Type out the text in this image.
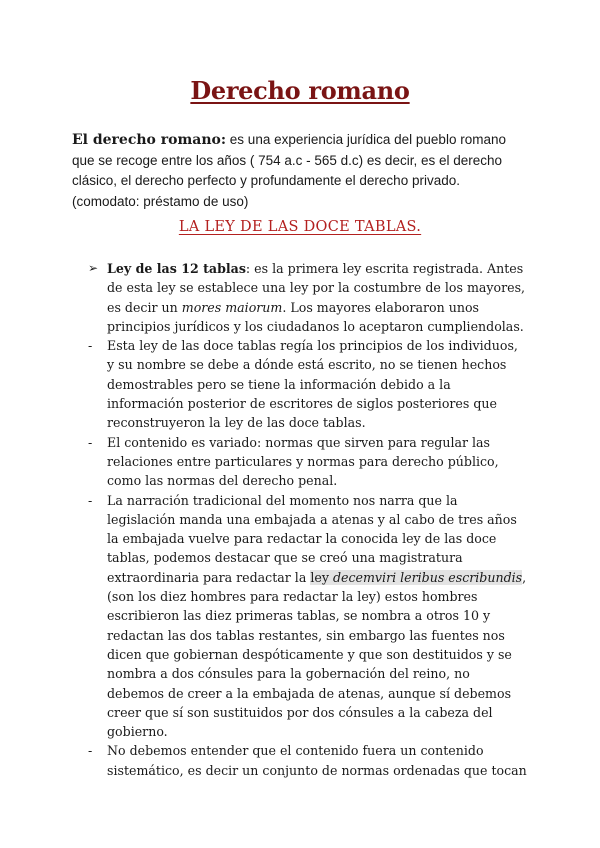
Derecho romano
El derecho romano: es una experiencia jurídica del pueblo romano que se recoge entre los años ( 754 a.c - 565 d.c) es decir, es el derecho clásico, el derecho perfecto y profundamente el derecho privado.
(comodato: préstamo de uso)
LA LEY DE LAS DOCE TABLAS.

➢ Ley de las 12 tablas: es la primera ley escrita registrada. Antes de esta ley se establece una ley por la costumbre de los mayores, es decir un mores maiorum. Los mayores elaboraron unos principios jurídicos y los ciudadanos lo aceptaron cumpliendolas.

- Esta ley de las doce tablas regía los principios de los individuos, y su nombre se debe a dónde está escrito, no se tienen hechos demostrables pero se tiene la información debido a la información posterior de escritores de siglos posteriores que reconstruyeron la ley de las doce tablas.

- El contenido es variado: normas que sirven para regular las relaciones entre particulares y normas para derecho público, como las normas del derecho penal.

- La narración tradicional del momento nos narra que la legislación manda una embajada a atenas y al cabo de tres años la embajada vuelve para redactar la conocida ley de las doce tablas, podemos destacar que se creó una magistratura extraordinaria para redactar la ley decemviri leribus escribundis, (son los diez hombres para redactar la ley) estos hombres escribieron las diez primeras tablas, se nombra a otros 10 y redactan las dos tablas restantes, sin embargo las fuentes nos dicen que gobiernan despóticamente y que son destituidos y se nombra a dos cónsules para la gobernación del reino, no debemos de creer a la embajada de atenas, aunque sí debemos creer que sí son sustituidos por dos cónsules a la cabeza del gobierno.

- No debemos entender que el contenido fuera un contenido sistemático, es decir un conjunto de normas ordenadas que tocan
